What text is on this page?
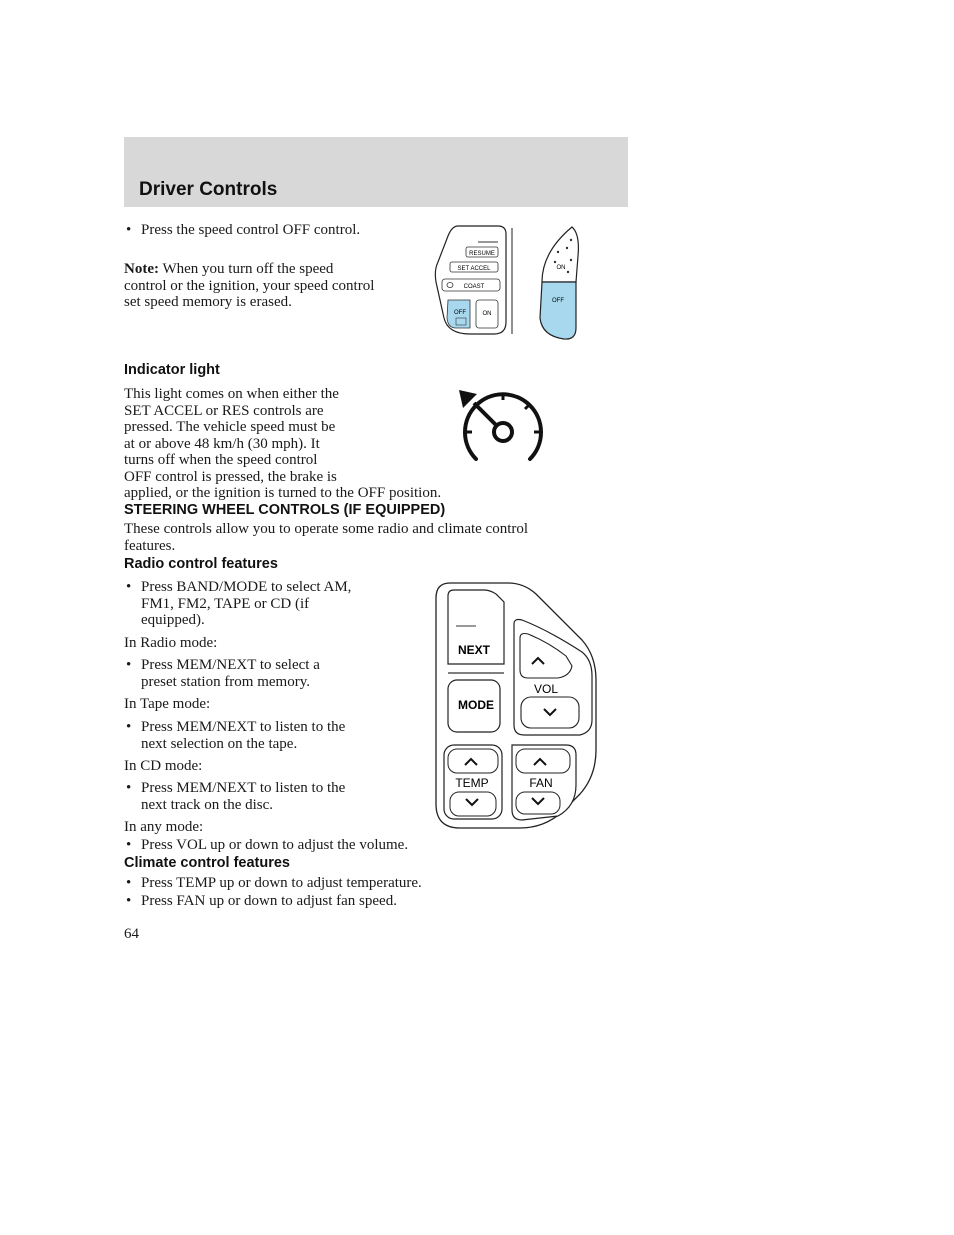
Driver Controls
• Press the speed control OFF control.
Note: When you turn off the speed control or the ignition, your speed control set speed memory is erased.
RESUME
SET ACCEL
COAST
OFF	ON
ON
OFF
Indicator light
This light comes on when either the
SET ACCEL or RES controls are
pressed. The vehicle speed must be
at or above 48 km/h (30 mph). It
turns off when the speed control
OFF control is pressed, the brake is
applied, or the ignition is turned to the OFF position.
STEERING WHEEL CONTROLS (IF EQUIPPED)
These controls allow you to operate some radio and climate control
features.
Radio control features
• Press BAND/MODE to select AM,
FM1, FM2, TAPE or CD (if
equipped).
In Radio mode:
• Press MEM/NEXT to select a
preset station from memory.
In Tape mode:
• Press MEM/NEXT to listen to the
next selection on the tape.
In CD mode:
• Press MEM/NEXT to listen to the
next track on the disc.
In any mode:
• Press VOL up or down to adjust the volume.
Climate control features
• Press TEMP up or down to adjust temperature.
• Press FAN up or down to adjust fan speed.
NEXT
MODE
VOL
TEMP	FAN
64
